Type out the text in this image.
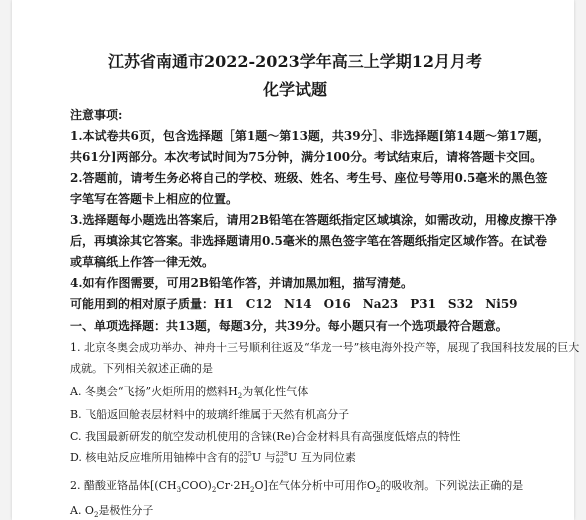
江苏省南通市2022-2023学年高三上学期12月月考
化学试题
注意事项:
1.本试卷共6页，包含选择题［第1题～第13题，共39分］、非选择题[第14题～第17题，
共61分]两部分。本次考试时间为75分钟，满分100分。考试结束后，请将答题卡交回。
2.答题前，请考生务必将自己的学校、班级、姓名、考生号、座位号等用0.5毫米的黑色签
字笔写在答题卡上相应的位置。
3.选择题每小题选出答案后，请用2B铅笔在答题纸指定区域填涂，如需改动，用橡皮擦干净
后，再填涂其它答案。非选择题请用0.5毫米的黑色签字笔在答题纸指定区域作答。在试卷
或草稿纸上作答一律无效。
4.如有作图需要，可用2B铅笔作答，并请加黑加粗，描写清楚。
可能用到的相对原子质量：H1　C12　N14　O16　Na23　P31　S32　Ni59
一、单项选择题：共13题，每题3分，共39分。每小题只有一个选项最符合题意。
1. 北京冬奥会成功举办、神舟十三号顺利往返及“华龙一号”核电海外投产等，展现了我国科技发展的巨大
成就。下列相关叙述正确的是
A. 冬奥会“飞扬”火炬所用的燃料$H_2$为氧化性气体
B. 飞船返回舱表层材料中的玻璃纤维属于天然有机高分子
C. 我国最新研发的航空发动机使用的含铼(Re)合金材料具有高强度低熔点的特性
D. 核电站反应堆所用铀棒中含有的235
92 U 与238
92 U 互为同位素
2. 醋酸亚铬晶体$[(CH_3COO)_2Cr\cdot 2H_2O]$在气体分析中可用作$O_2$的吸收剂。下列说法正确的是
A. $O_2$是极性分子
